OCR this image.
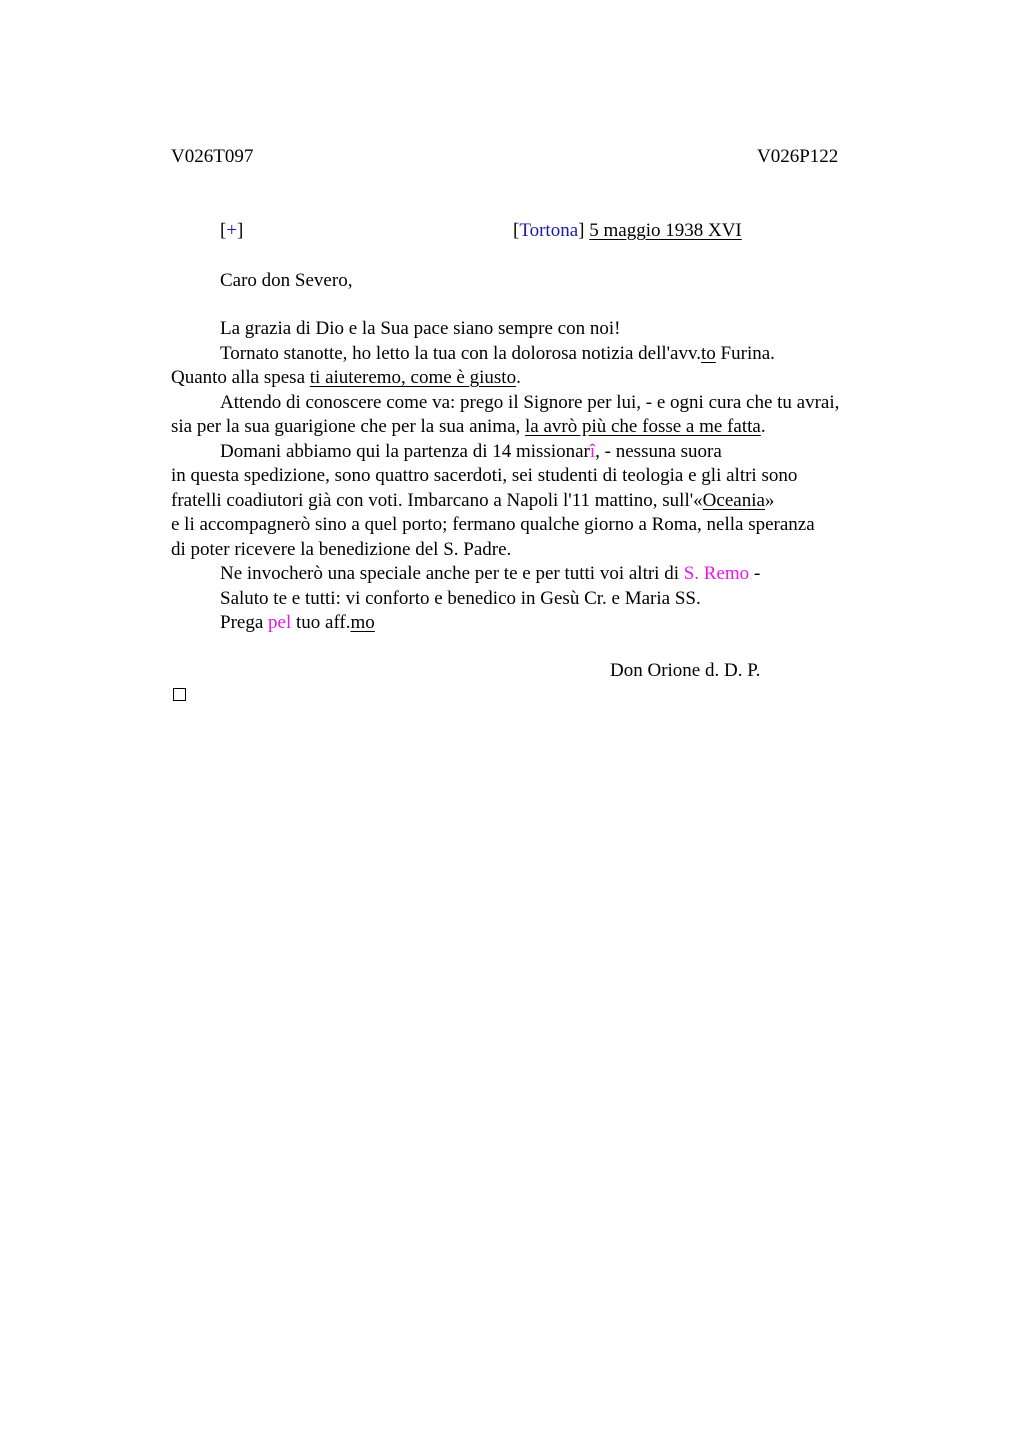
V026T097	V026P122
[+]	[Tortona] 5 maggio 1938 XVI
Caro don Severo,
La grazia di Dio e la Sua pace siano sempre con noi!
Tornato stanotte, ho letto la tua con la dolorosa notizia dell'avv.to Furina.
Quanto alla spesa ti aiuteremo, come è giusto.
Attendo di conoscere come va: prego il Signore per lui, - e ogni cura che tu avrai,
sia per la sua guarigione che per la sua anima, la avrò più che fosse a me fatta.
Domani abbiamo qui la partenza di 14 missionarî, - nessuna suora
in questa spedizione, sono quattro sacerdoti, sei studenti di teologia e gli altri sono
fratelli coadiutori già con voti. Imbarcano a Napoli l'11 mattino, sull'«Oceania»
e li accompagnerò sino a quel porto; fermano qualche giorno a Roma, nella speranza
di poter ricevere la benedizione del S. Padre.
Ne invocherò una speciale anche per te e per tutti voi altri di S. Remo -
Saluto te e tutti: vi conforto e benedico in Gesù Cr. e Maria SS.
Prega pel tuo aff.mo
Don Orione d. D. P.
